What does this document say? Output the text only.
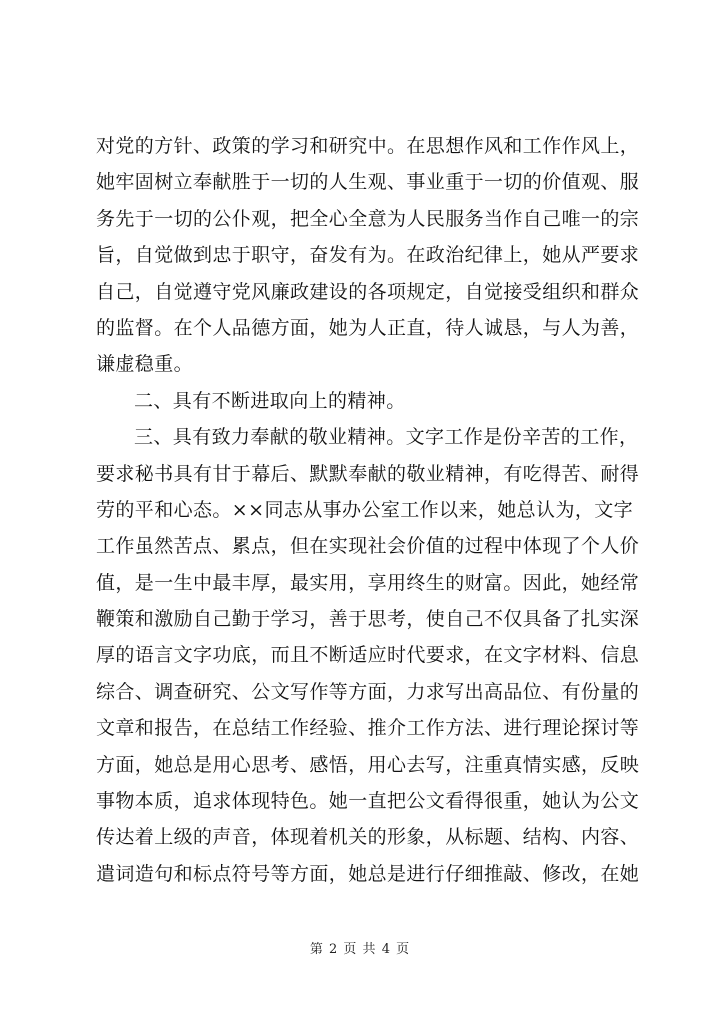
对党的方针、政策的学习和研究中。在思想作风和工作作风上，
她牢固树立奉献胜于一切的人生观、事业重于一切的价值观、服
务先于一切的公仆观，把全心全意为人民服务当作自己唯一的宗
旨，自觉做到忠于职守，奋发有为。在政治纪律上，她从严要求
自己，自觉遵守党风廉政建设的各项规定，自觉接受组织和群众
的监督。在个人品德方面，她为人正直，待人诚恳，与人为善，
谦虚稳重。
二、具有不断进取向上的精神。
三、具有致力奉献的敬业精神。文字工作是份辛苦的工作，
要求秘书具有甘于幕后、默默奉献的敬业精神，有吃得苦、耐得
劳的平和心态。××同志从事办公室工作以来，她总认为，文字
工作虽然苦点、累点，但在实现社会价值的过程中体现了个人价
值，是一生中最丰厚，最实用，享用终生的财富。因此，她经常
鞭策和激励自己勤于学习，善于思考，使自己不仅具备了扎实深
厚的语言文字功底，而且不断适应时代要求，在文字材料、信息
综合、调查研究、公文写作等方面，力求写出高品位、有份量的
文章和报告，在总结工作经验、推介工作方法、进行理论探讨等
方面，她总是用心思考、感悟，用心去写，注重真情实感，反映
事物本质，追求体现特色。她一直把公文看得很重，她认为公文
传达着上级的声音，体现着机关的形象，从标题、结构、内容、
遣词造句和标点符号等方面，她总是进行仔细推敲、修改，在她
第 2 页 共 4 页
